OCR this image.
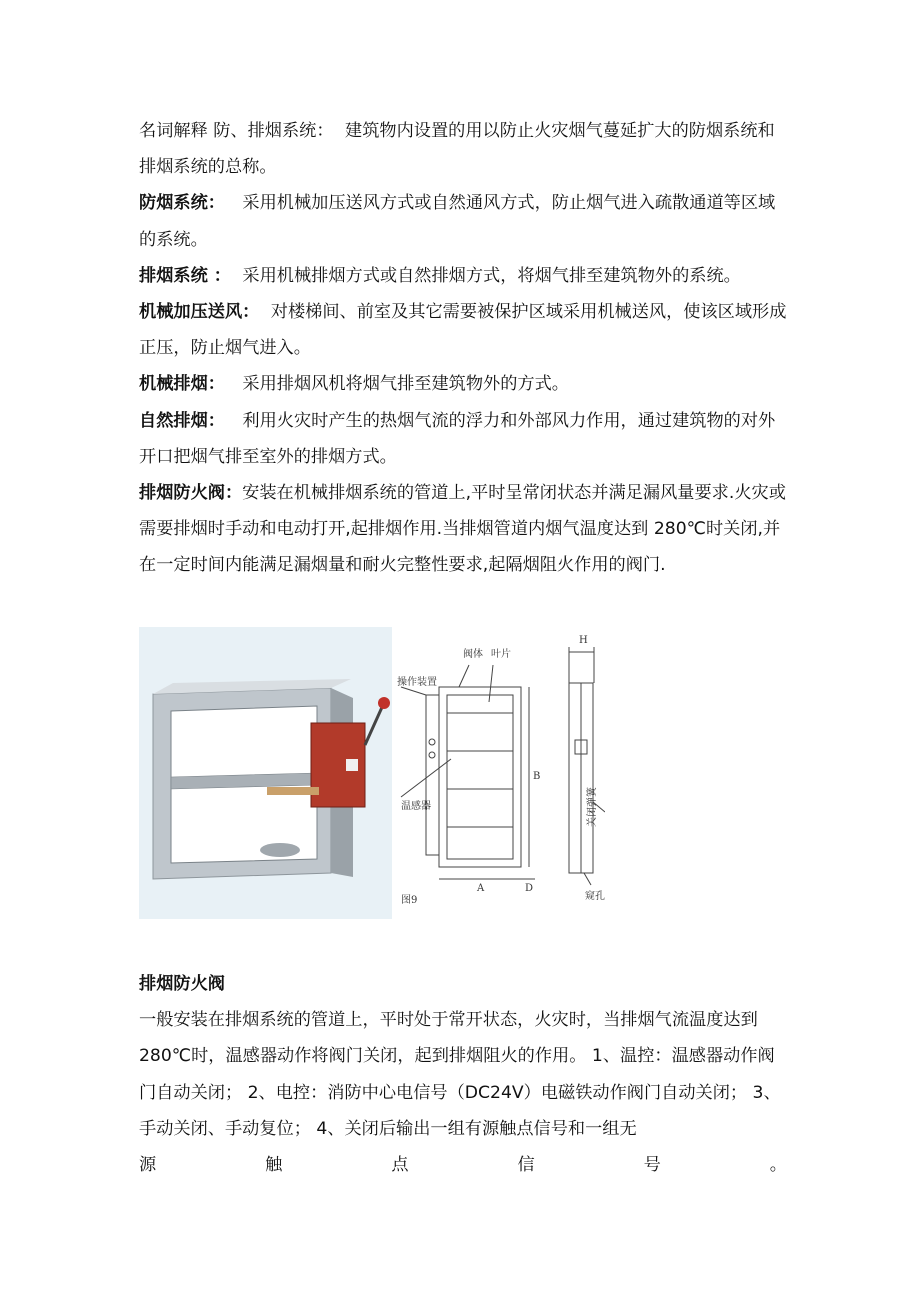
名词解释 防、排烟系统： 建筑物内设置的用以防止火灾烟气蔓延扩大的防烟系统和排烟系统的总称。

防烟系统： 采用机械加压送风方式或自然通风方式，防止烟气进入疏散通道等区域的系统。

排烟系统 ： 采用机械排烟方式或自然排烟方式，将烟气排至建筑物外的系统。

机械加压送风： 对楼梯间、前室及其它需要被保护区域采用机械送风，使该区域形成正压，防止烟气进入。

机械排烟： 采用排烟风机将烟气排至建筑物外的方式。

自然排烟： 利用火灾时产生的热烟气流的浮力和外部风力作用，通过建筑物的对外开口把烟气排至室外的排烟方式。

排烟防火阀：安装在机械排烟系统的管道上,平时呈常闭状态并满足漏风量要求.火灾或需要排烟时手动和电动打开,起排烟作用.当排烟管道内烟气温度达到 280℃时关闭,并在一定时间内能满足漏烟量和耐火完整性要求,起隔烟阻火作用的阀门.

阀体 叶片
操作装置
温感器	关闭弹簧
窥孔
图9
A	D
B
H

排烟防火阀

一般安装在排烟系统的管道上，平时处于常开状态，火灾时，当排烟气流温度达到 280℃时，温感器动作将阀门关闭，起到排烟阻火的作用。 1、温控：温感器动作阀门自动关闭； 2、电控：消防中心电信号（DC24V）电磁铁动作阀门自动关闭； 3、手动关闭、手动复位； 4、关闭后输出一组有源触点信号和一组无

源	触	点	信	号	。
